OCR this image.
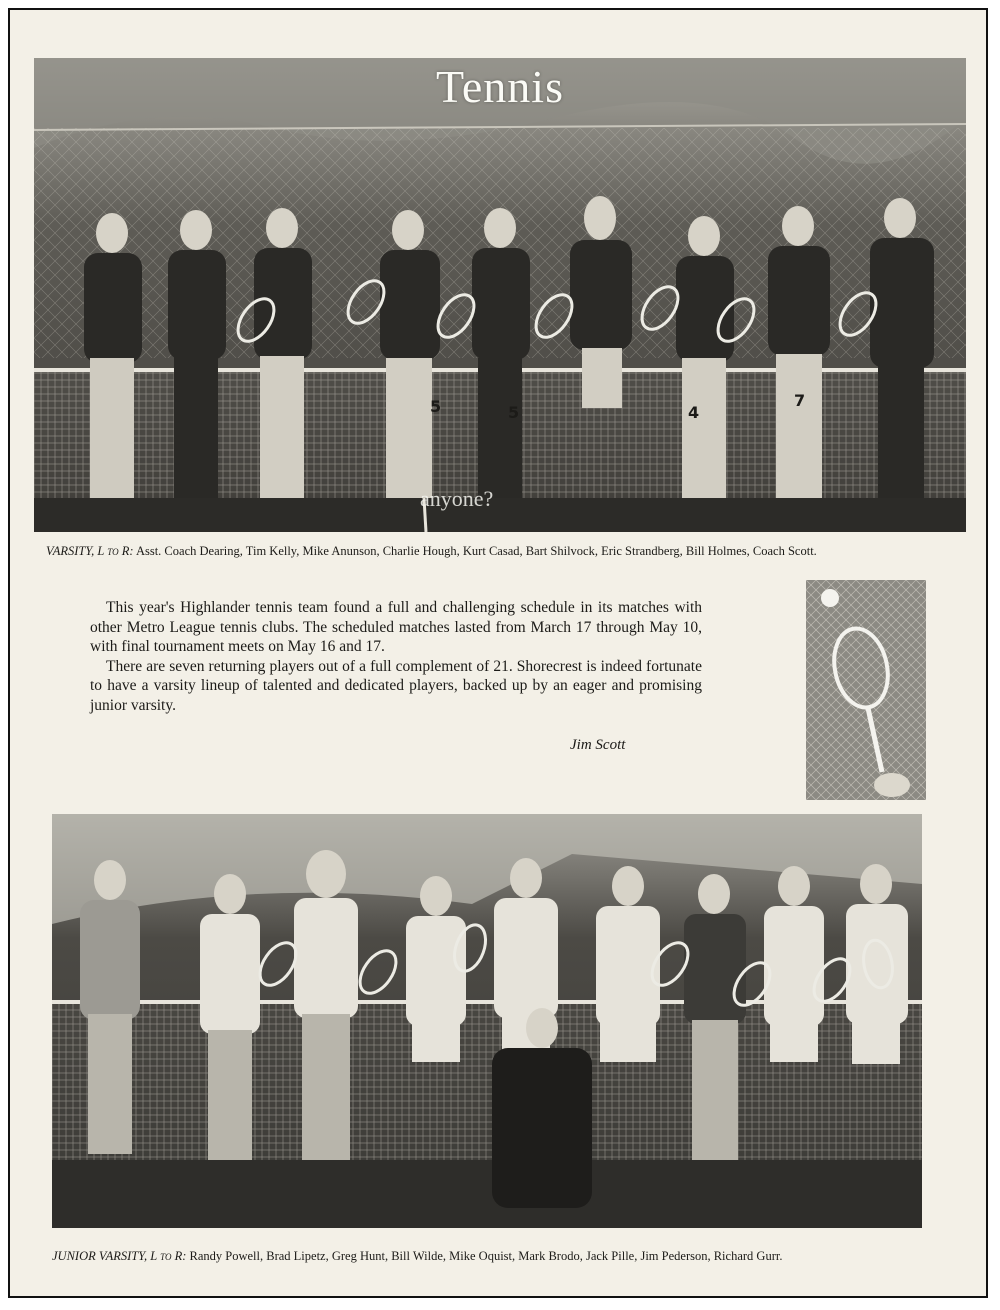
5	5	4
7
Tennis
anyone?
VARSITY, L to R: Asst. Coach Dearing, Tim Kelly, Mike Anunson, Charlie Hough, Kurt Casad, Bart Shilvock, Eric Strandberg, Bill Holmes, Coach Scott.

This year's Highlander tennis team found a full and challenging schedule in its matches with other Metro League tennis clubs. The scheduled matches lasted from March 17 through May 10, with final tournament meets on May 16 and 17.

There are seven returning players out of a full complement of 21. Shorecrest is indeed fortunate to have a varsity lineup of talented and dedicated players, backed up by an eager and promising junior varsity.

Jim Scott
JUNIOR VARSITY, L to R: Randy Powell, Brad Lipetz, Greg Hunt, Bill Wilde, Mike Oquist, Mark Brodo, Jack Pille, Jim Pederson, Richard Gurr.
